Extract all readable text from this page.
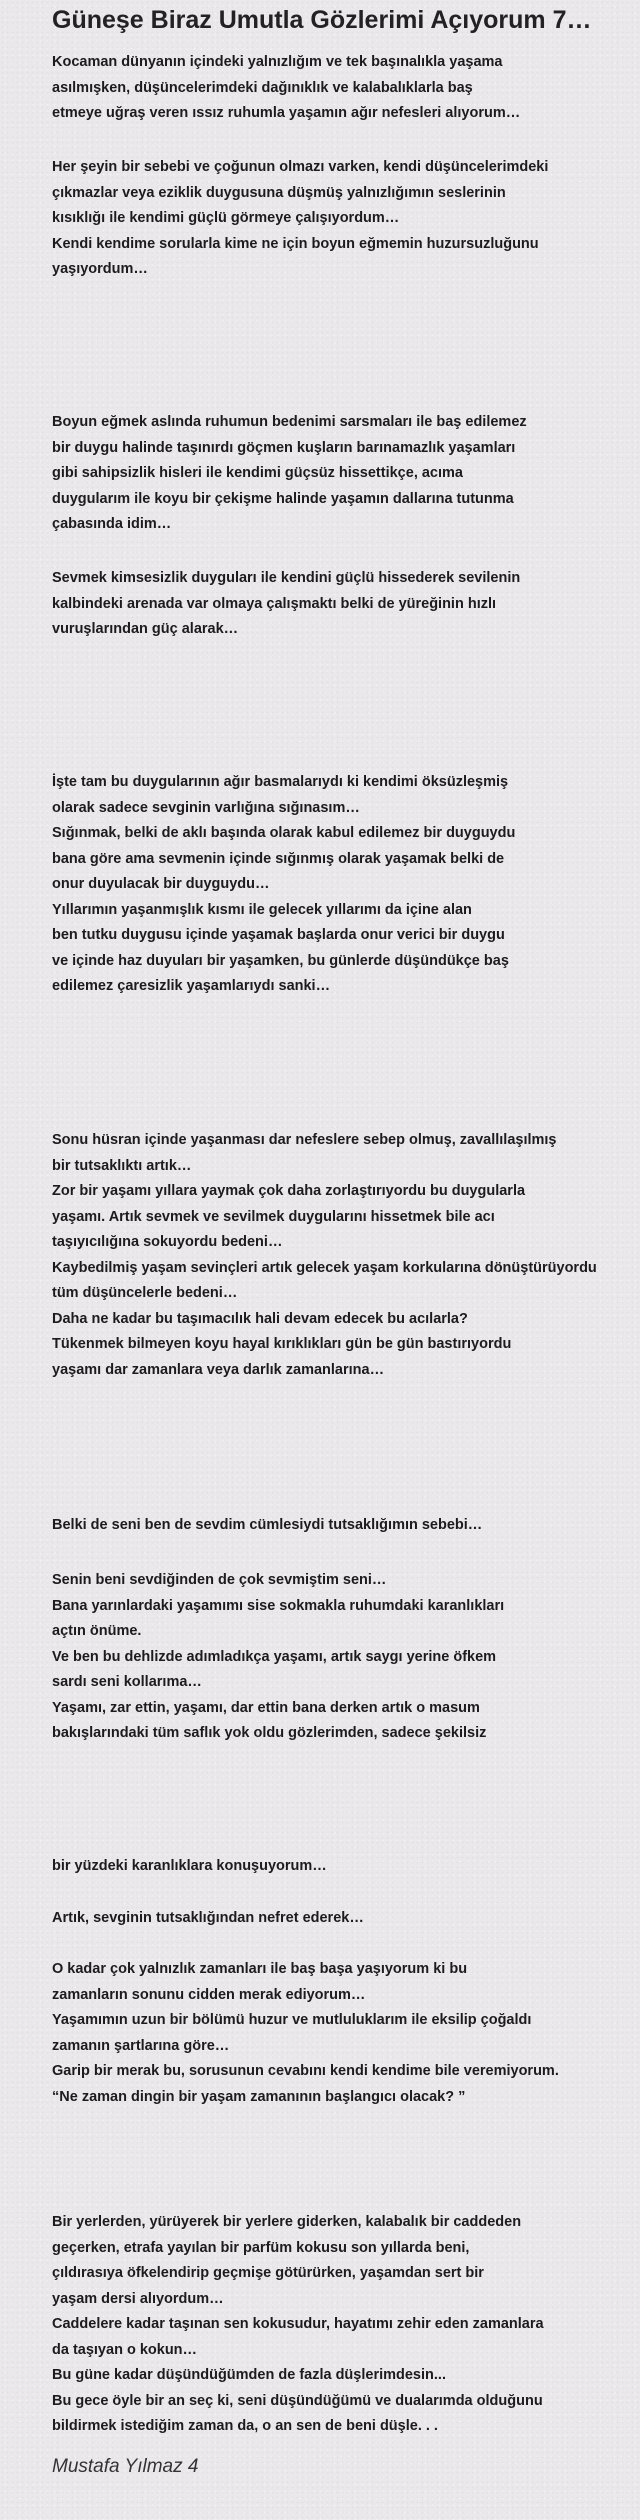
Güneşe Biraz Umutla Gözlerimi Açıyorum 7…
Kocaman dünyanın içindeki yalnızlığım ve tek başınalıkla yaşama
asılmışken, düşüncelerimdeki dağınıklık ve kalabalıklarla baş
etmeye uğraş veren ıssız ruhumla yaşamın ağır nefesleri alıyorum…
Her şeyin bir sebebi ve çoğunun olmazı varken, kendi düşüncelerimdeki
çıkmazlar veya eziklik duygusuna düşmüş yalnızlığımın seslerinin
kısıklığı ile kendimi güçlü görmeye çalışıyordum…
Kendi kendime sorularla kime ne için boyun eğmemin huzursuzluğunu
yaşıyordum…
Boyun eğmek aslında ruhumun bedenimi sarsmaları ile baş edilemez
bir duygu halinde taşınırdı göçmen kuşların barınamazlık yaşamları
gibi sahipsizlik hisleri ile kendimi güçsüz hissettikçe, acıma
duygularım ile koyu bir çekişme halinde yaşamın dallarına tutunma
çabasında idim…
Sevmek kimsesizlik duyguları ile kendini güçlü hissederek sevilenin
kalbindeki arenada var olmaya çalışmaktı belki de yüreğinin hızlı
vuruşlarından güç alarak…
İşte tam bu duygularının ağır basmalarıydı ki kendimi öksüzleşmiş
olarak sadece sevginin varlığına sığınasım…
Sığınmak, belki de aklı başında olarak kabul edilemez bir duyguydu
bana göre ama sevmenin içinde sığınmış olarak yaşamak belki de
onur duyulacak bir duyguydu…
Yıllarımın yaşanmışlık kısmı ile gelecek yıllarımı da içine alan
ben tutku duygusu içinde yaşamak başlarda onur verici bir duygu
ve içinde haz duyuları bir yaşamken, bu günlerde düşündükçe baş
edilemez çaresizlik yaşamlarıydı sanki…
Sonu hüsran içinde yaşanması dar nefeslere sebep olmuş, zavallılaşılmış
bir tutsaklıktı artık…
Zor bir yaşamı yıllara yaymak çok daha zorlaştırıyordu bu duygularla
yaşamı. Artık sevmek ve sevilmek duygularını hissetmek bile acı
taşıyıcılığına sokuyordu bedeni…
Kaybedilmiş yaşam sevinçleri artık gelecek yaşam korkularına dönüştürüyordu
tüm düşüncelerle bedeni…
Daha ne kadar bu taşımacılık hali devam edecek bu acılarla?
Tükenmek bilmeyen koyu hayal kırıklıkları gün be gün bastırıyordu
yaşamı dar zamanlara veya darlık zamanlarına…
Belki de seni ben de sevdim cümlesiydi tutsaklığımın sebebi…
Senin beni sevdiğinden de çok sevmiştim seni…
Bana yarınlardaki yaşamımı sise sokmakla ruhumdaki karanlıkları
açtın önüme.
Ve ben bu dehlizde adımladıkça yaşamı, artık saygı yerine öfkem
sardı seni kollarıma…
Yaşamı, zar ettin, yaşamı, dar ettin bana derken artık o masum
bakışlarındaki tüm saflık yok oldu gözlerimden, sadece şekilsiz
bir yüzdeki karanlıklara konuşuyorum…
Artık, sevginin tutsaklığından nefret ederek…
O kadar çok yalnızlık zamanları ile baş başa yaşıyorum ki bu
zamanların sonunu cidden merak ediyorum…
Yaşamımın uzun bir bölümü huzur ve mutluluklarım ile eksilip çoğaldı
zamanın şartlarına göre…
Garip bir merak bu, sorusunun cevabını kendi kendime bile veremiyorum.
“Ne zaman dingin bir yaşam zamanının başlangıcı olacak? ”
Bir yerlerden, yürüyerek bir yerlere giderken, kalabalık bir caddeden
geçerken, etrafa yayılan bir parfüm kokusu son yıllarda beni,
çıldırasıya öfkelendirip geçmişe götürürken, yaşamdan sert bir
yaşam dersi alıyordum…
Caddelere kadar taşınan sen kokusudur, hayatımı zehir eden zamanlara
da taşıyan o kokun…
Bu güne kadar düşündüğümden de fazla düşlerimdesin...
Bu gece öyle bir an seç ki, seni düşündüğümü ve dualarımda olduğunu
bildirmek istediğim zaman da, o an sen de beni düşle. . .
Mustafa Yılmaz 4
